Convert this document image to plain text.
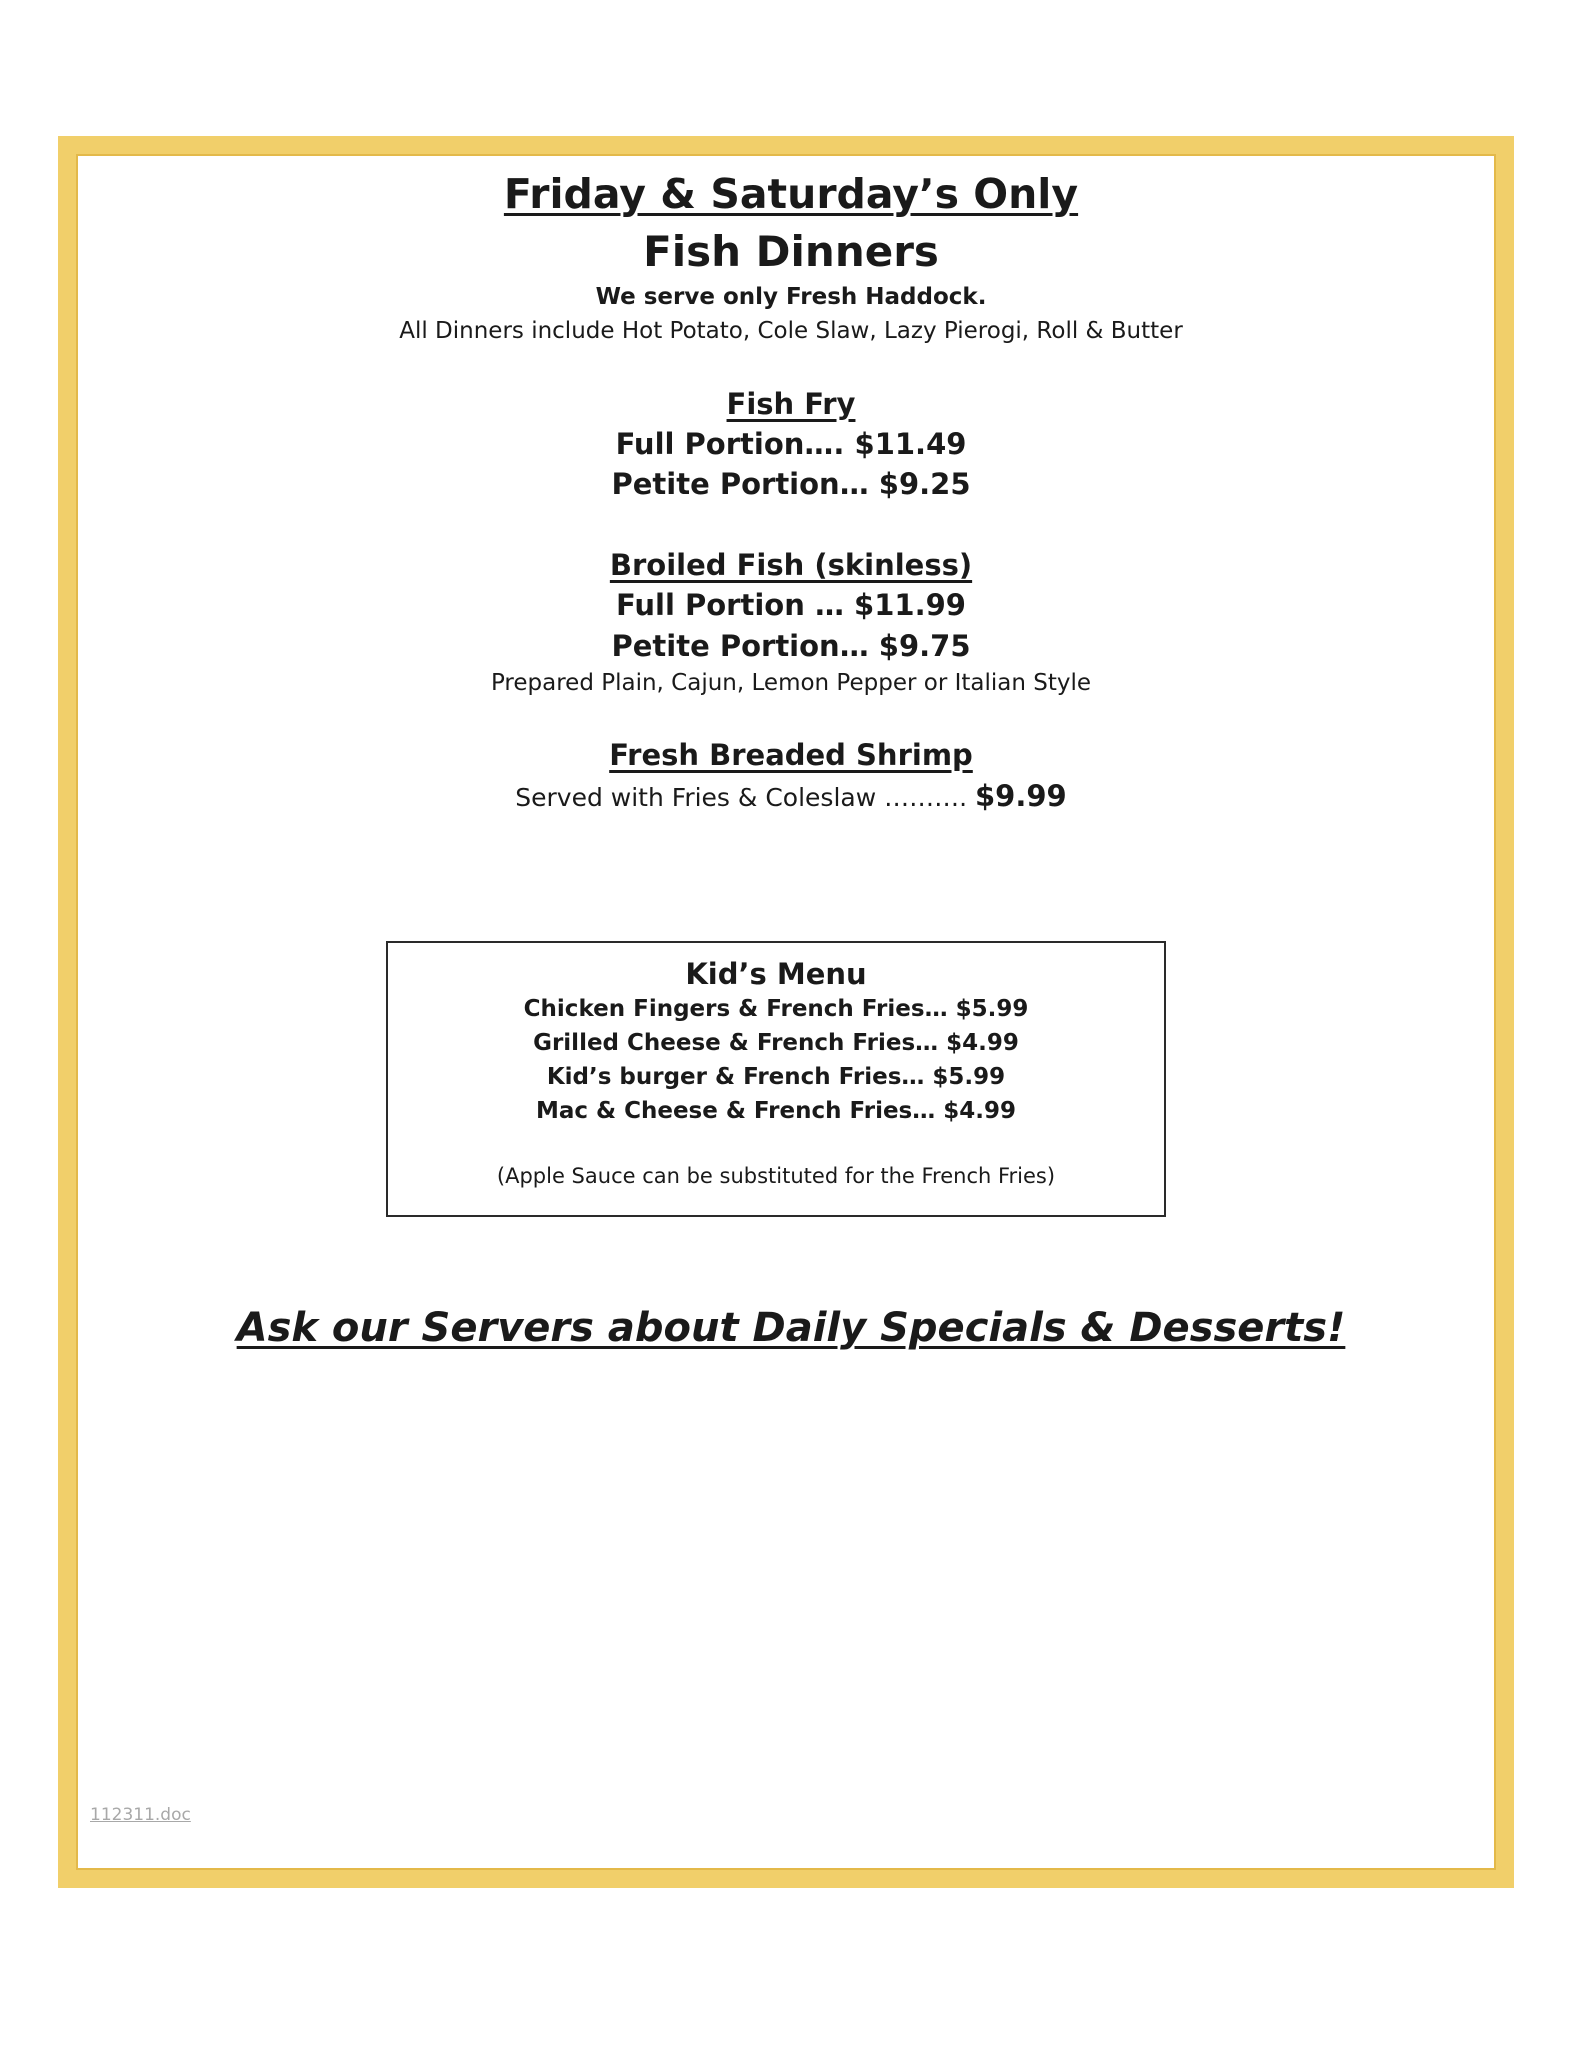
Friday & Saturday’s Only
Fish Dinners
We serve only Fresh Haddock.
All Dinners include Hot Potato, Cole Slaw, Lazy Pierogi, Roll & Butter
Fish Fry
Full Portion…. $11.49
Petite Portion… $9.25
Broiled Fish (skinless)
Full Portion … $11.99
Petite Portion… $9.75
Prepared Plain, Cajun, Lemon Pepper or Italian Style
Fresh Breaded Shrimp
Served with Fries & Coleslaw ………. $9.99
Kid’s Menu
Chicken Fingers & French Fries… $5.99
Grilled Cheese & French Fries… $4.99
Kid’s burger & French Fries… $5.99
Mac & Cheese & French Fries… $4.99
(Apple Sauce can be substituted for the French Fries)
Ask our Servers about Daily Specials & Desserts!
112311.doc
